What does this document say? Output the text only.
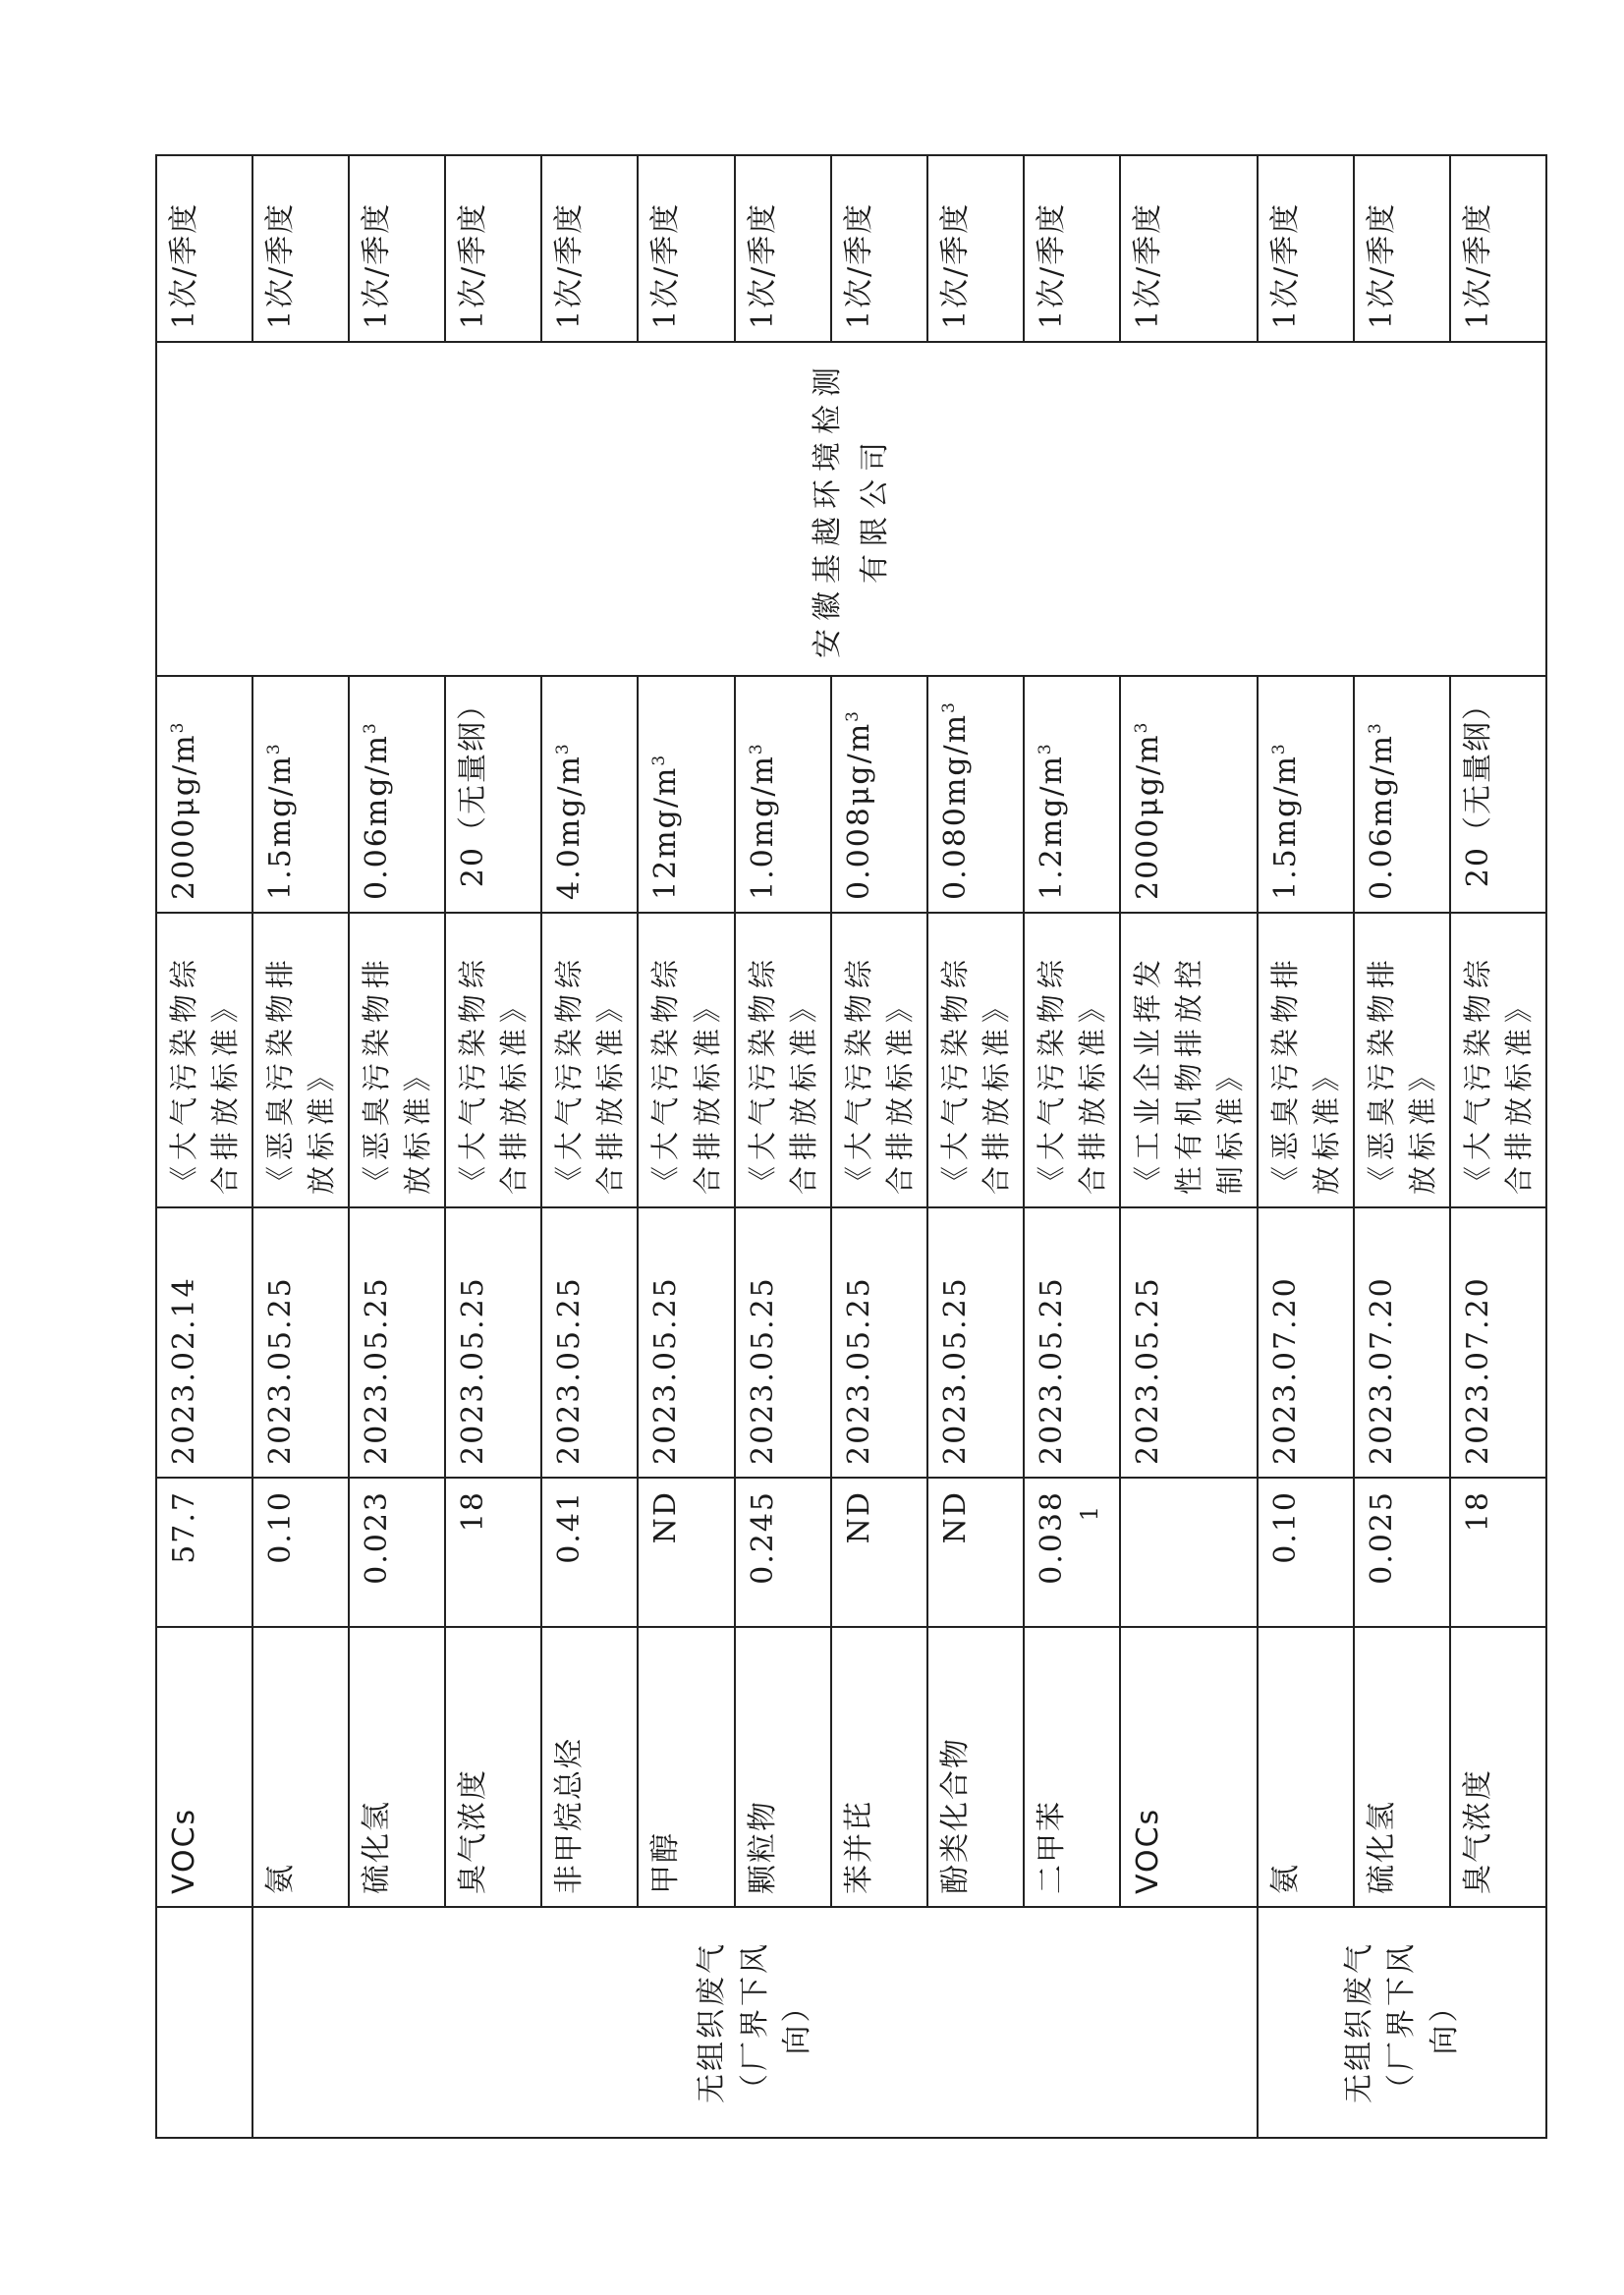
	VOCs	57.7	2023.02.14	《大气污染物综合排放标准》	$2000\mu g/m^3$	安徽基越环境检测有限公司	1次/季度
无组织废气（厂界下风向）	氨	0.10	2023.05.25	《恶臭污染物排放标准》	$1.5mg/m^3$		1次/季度
	硫化氢	0.023	2023.05.25	《恶臭污染物排放标准》	$0.06mg/m^3$		1次/季度
	臭气浓度	18	2023.05.25	《大气污染物综合排放标准》	20（无量纲）		1次/季度
	非甲烷总烃	0.41	2023.05.25	《大气污染物综合排放标准》	$4.0mg/m^3$		1次/季度
	甲醇	ND	2023.05.25	《大气污染物综合排放标准》	$12mg/m^3$		1次/季度
	颗粒物	0.245	2023.05.25	《大气污染物综合排放标准》	$1.0mg/m^3$		1次/季度
	苯并芘	ND	2023.05.25	《大气污染物综合排放标准》	$0.008\mu g/m^3$		1次/季度
	酚类化合物	ND	2023.05.25	《大气污染物综合排放标准》	$0.080mg/m^3$		1次/季度
	二甲苯	0.038 1	2023.05.25	《大气污染物综合排放标准》	$1.2mg/m^3$		1次/季度
	VOCs		2023.05.25	《工业企业挥发性有机物排放控制标准》	$2000\mu g/m^3$		1次/季度
无组织废气（厂界下风向）	氨	0.10	2023.07.20	《恶臭污染物排放标准》	$1.5mg/m^3$		1次/季度
	硫化氢	0.025	2023.07.20	《恶臭污染物排放标准》	$0.06mg/m^3$		1次/季度
	臭气浓度	18	2023.07.20	《大气污染物综合排放标准》	20（无量纲）		1次/季度
